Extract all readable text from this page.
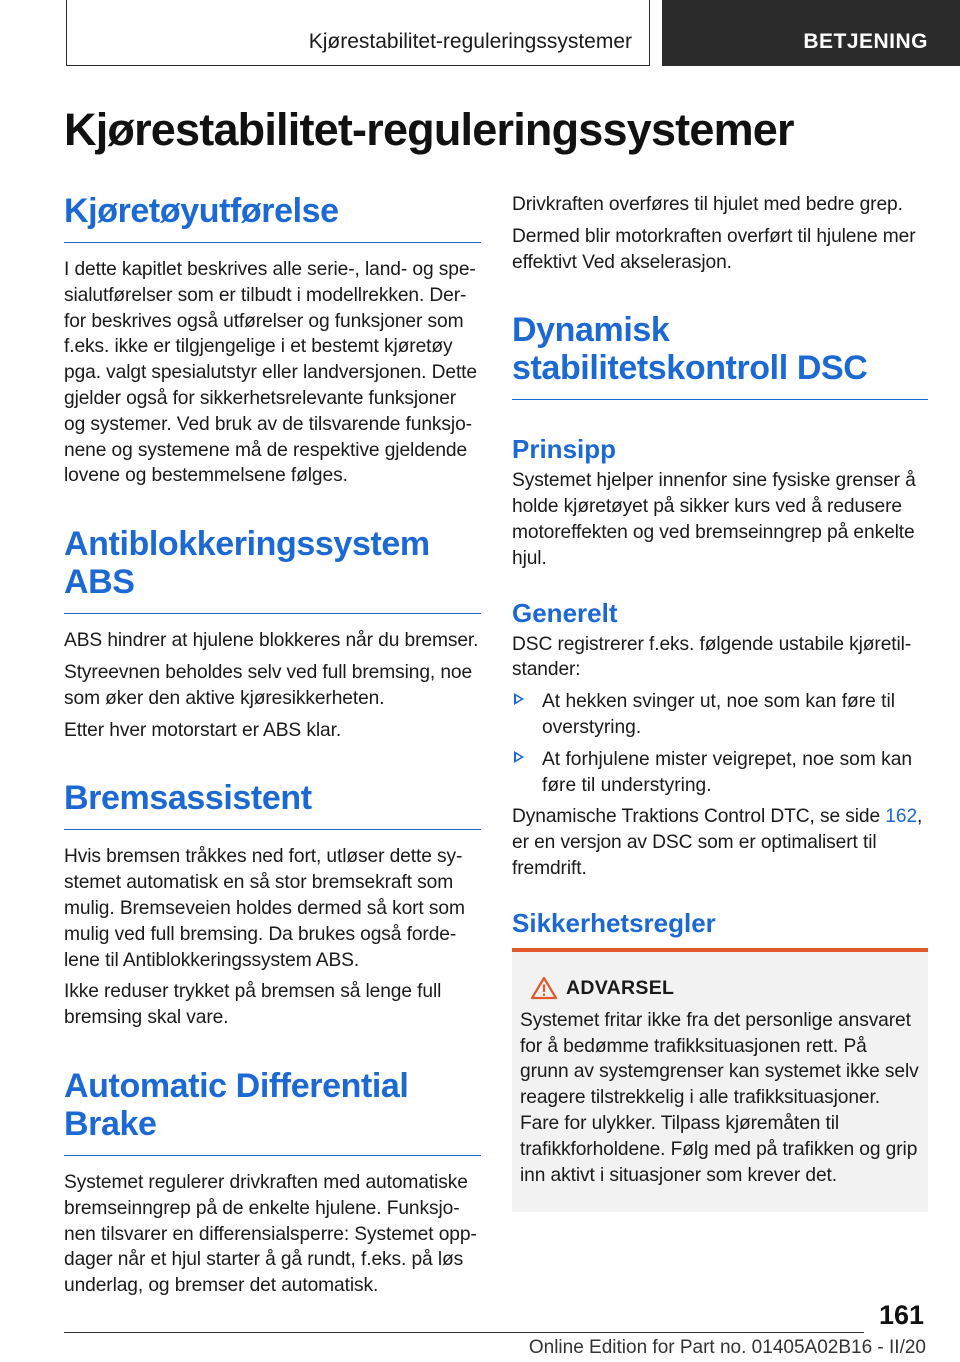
Kjørestabilitet-reguleringssystemer	BETJENING
Kjørestabilitet-reguleringssystemer
Kjøretøyutførelse

I dette kapitlet beskrives alle serie-, land- og spesialutførelser som er tilbudt i modellrekken. Derfor beskrives også utførelser og funksjoner som f.eks. ikke er tilgjengelige i et bestemt kjøretøy pga. valgt spesialutstyr eller landversjonen. Dette gjelder også for sikkerhetsrelevante funksjoner og systemer. Ved bruk av de tilsvarende funksjonene og systemene må de respektive gjeldende lovene og bestemmelsene følges.

Antiblokkeringssystem ABS

ABS hindrer at hjulene blokkeres når du bremser.

Styreevnen beholdes selv ved full bremsing, noe som øker den aktive kjøresikkerheten.

Etter hver motorstart er ABS klar.

Bremsassistent

Hvis bremsen tråkkes ned fort, utløser dette systemet automatisk en så stor bremsekraft som mulig. Bremseveien holdes dermed så kort som mulig ved full bremsing. Da brukes også fordelene til Antiblokkeringssystem ABS.

Ikke reduser trykket på bremsen så lenge full bremsing skal vare.

Automatic Differential Brake

Systemet regulerer drivkraften med automatiske bremseinngrep på de enkelte hjulene. Funksjonen tilsvarer en differensialsperre: Systemet oppdager når et hjul starter å gå rundt, f.eks. på løs underlag, og bremser det automatisk.

Drivkraften overføres til hjulet med bedre grep.

Dermed blir motorkraften overført til hjulene mer effektivt Ved akselerasjon.

Dynamisk stabilitetskontroll DSC
Prinsipp

Systemet hjelper innenfor sine fysiske grenser å holde kjøretøyet på sikker kurs ved å redusere motoreffekten og ved bremseinngrep på enkelte hjul.

Generelt

DSC registrerer f.eks. følgende ustabile kjøretilstander:

At hekken svinger ut, noe som kan føre til overstyring.
At forhjulene mister veigrepet, noe som kan føre til understyring.

Dynamische Traktions Control DTC, se side 162, er en versjon av DSC som er optimalisert til fremdrift.

Sikkerhetsregler
ADVARSEL

Systemet fritar ikke fra det personlige ansvaret for å bedømme trafikksituasjonen rett. På grunn av systemgrenser kan systemet ikke selv reagere tilstrekkelig i alle trafikksituasjoner. Fare for ulykker. Tilpass kjøremåten til trafikkforholdene. Følg med på trafikken og grip inn aktivt i situasjoner som krever det.

161
Online Edition for Part no. 01405A02B16 - II/20
